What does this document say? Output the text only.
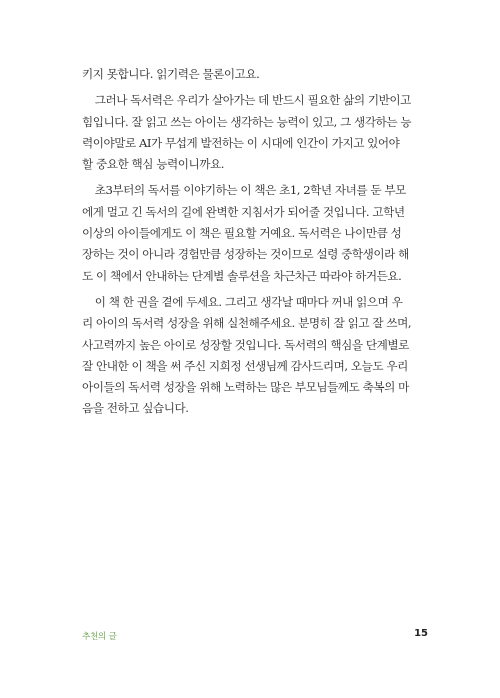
키지 못합니다. 읽기력은 물론이고요.
그러나 독서력은 우리가 살아가는 데 반드시 필요한 삶의 기반이고
힘입니다. 잘 읽고 쓰는 아이는 생각하는 능력이 있고, 그 생각하는 능
력이야말로 AI가 무섭게 발전하는 이 시대에 인간이 가지고 있어야
할 중요한 핵심 능력이니까요.
초3부터의 독서를 이야기하는 이 책은 초1, 2학년 자녀를 둔 부모
에게 멀고 긴 독서의 길에 완벽한 지침서가 되어줄 것입니다. 고학년
이상의 아이들에게도 이 책은 필요할 거예요. 독서력은 나이만큼 성
장하는 것이 아니라 경험만큼 성장하는 것이므로 설령 중학생이라 해
도 이 책에서 안내하는 단계별 솔루션을 차근차근 따라야 하거든요.
이 책 한 권을 곁에 두세요. 그리고 생각날 때마다 꺼내 읽으며 우
리 아이의 독서력 성장을 위해 실천해주세요. 분명히 잘 읽고 잘 쓰며,
사고력까지 높은 아이로 성장할 것입니다. 독서력의 핵심을 단계별로
잘 안내한 이 책을 써 주신 지희정 선생님께 감사드리며, 오늘도 우리
아이들의 독서력 성장을 위해 노력하는 많은 부모님들께도 축복의 마
음을 전하고 싶습니다.
추천의 글	15
